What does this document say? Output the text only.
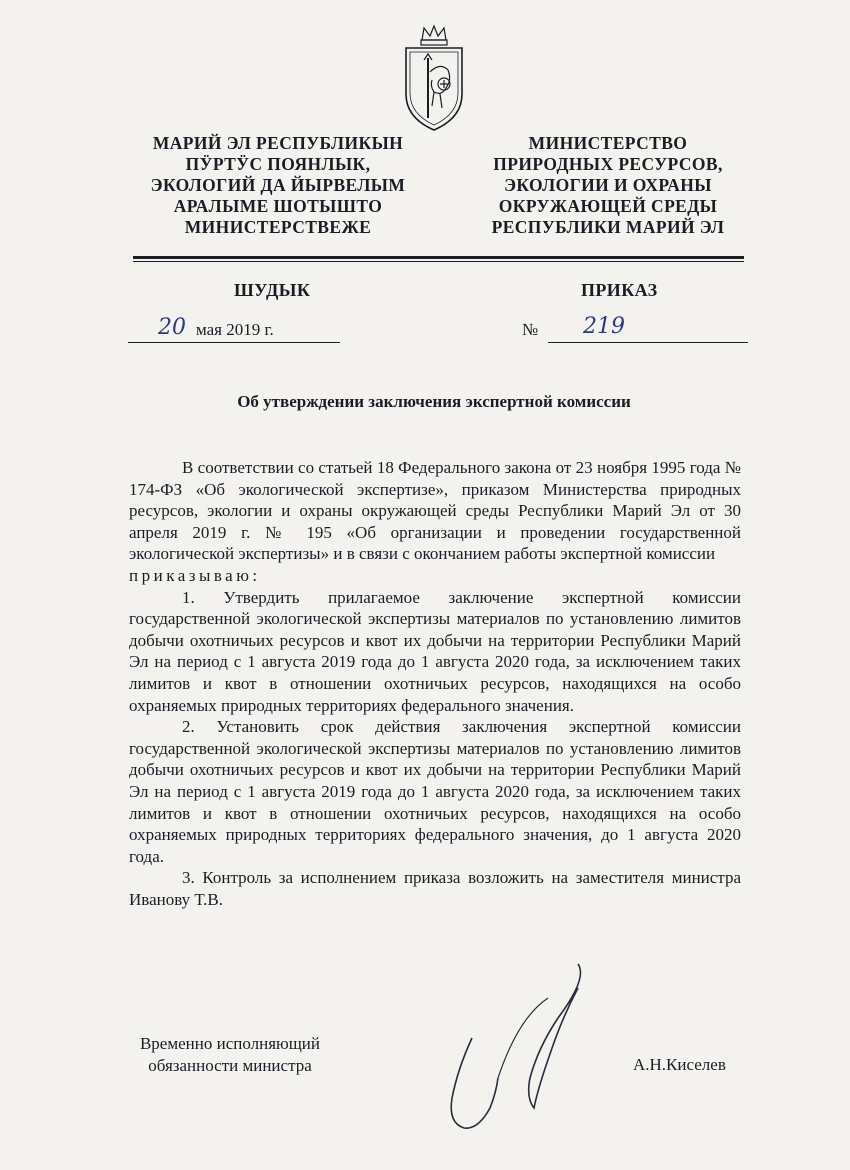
МАРИЙ ЭЛ РЕСПУБЛИКЫН
ПӰРТӰС ПОЯНЛЫК,
ЭКОЛОГИЙ ДА ЙЫРВЕЛЫМ
АРАЛЫМЕ ШОТЫШТО
МИНИСТЕРСТВЕЖЕ
МИНИСТЕРСТВО
ПРИРОДНЫХ РЕСУРСОВ,
ЭКОЛОГИИ И ОХРАНЫ
ОКРУЖАЮЩЕЙ СРЕДЫ
РЕСПУБЛИКИ МАРИЙ ЭЛ
ШУДЫК	ПРИКАЗ
20 мая 2019 г.	№ 219
Об утверждении заключения экспертной комиссии

В соответствии со статьей 18 Федерального закона от 23 ноября 1995 года № 174-ФЗ «Об экологической экспертизе», приказом Министерства природных ресурсов, экологии и охраны окружающей среды Республики Марий Эл от 30 апреля 2019 г. № 195 «Об организации и проведении государственной экологической экспертизы» и в связи с окончанием работы экспертной комиссии

приказываю:

1. Утвердить прилагаемое заключение экспертной комиссии государственной экологической экспертизы материалов по установлению лимитов добычи охотничьих ресурсов и квот их добычи на территории Республики Марий Эл на период с 1 августа 2019 года до 1 августа 2020 года, за исключением таких лимитов и квот в отношении охотничьих ресурсов, находящихся на особо охраняемых природных территориях федерального значения.

2. Установить срок действия заключения экспертной комиссии государственной экологической экспертизы материалов по установлению лимитов добычи охотничьих ресурсов и квот их добычи на территории Республики Марий Эл на период с 1 августа 2019 года до 1 августа 2020 года, за исключением таких лимитов и квот в отношении охотничьих ресурсов, находящихся на особо охраняемых природных территориях федерального значения, до 1 августа 2020 года.

3. Контроль за исполнением приказа возложить на заместителя министра Иванову Т.В.

Временно исполняющий
обязанности министра	А.Н.Киселев
